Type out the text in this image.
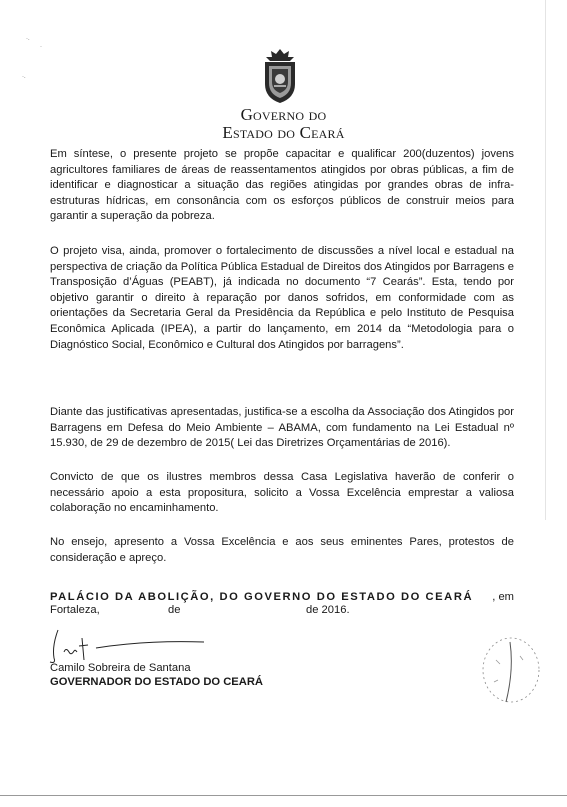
·.
·
·.
Governo do
Estado do Ceará

Em síntese, o presente projeto se propõe capacitar e qualificar 200(duzentos) jovens agricultores familiares de áreas de reassentamentos atingidos por obras públicas, a fim de identificar e diagnosticar a situação das regiões atingidas por grandes obras de infra-estruturas hídricas, em consonância com os esforços públicos de construir meios para garantir a superação da pobreza.

O projeto visa, ainda, promover o fortalecimento de discussões a nível local e estadual na perspectiva de criação da Política Pública Estadual de Direitos dos Atingidos por Barragens e Transposição d’Águas (PEABT), já indicada no documento “7 Cearás”. Esta, tendo por objetivo garantir o direito à reparação por danos sofridos, em conformidade com as orientações da Secretaria Geral da Presidência da República e pelo Instituto de Pesquisa Econômica Aplicada (IPEA), a partir do lançamento, em 2014 da “Metodologia para o Diagnóstico Social, Econômico e Cultural dos Atingidos por barragens”.

Diante das justificativas apresentadas, justifica-se a escolha da Associação dos Atingidos por Barragens em Defesa do Meio Ambiente – ABAMA, com fundamento na Lei Estadual nº 15.930, de 29 de dezembro de 2015( Lei das Diretrizes Orçamentárias de 2016).

Convicto de que os ilustres membros dessa Casa Legislativa haverão de conferir o necessário apoio a esta propositura, solicito a Vossa Excelência emprestar a valiosa colaboração no encaminhamento.

No ensejo, apresento a Vossa Excelência e aos seus eminentes Pares, protestos de consideração e apreço.

PALÁCIO DA ABOLIÇÃO, DO GOVERNO DO ESTADO DO CEARÁ , em
Fortaleza,	de	de 2016.
Camilo Sobreira de Santana
GOVERNADOR DO ESTADO DO CEARÁ
